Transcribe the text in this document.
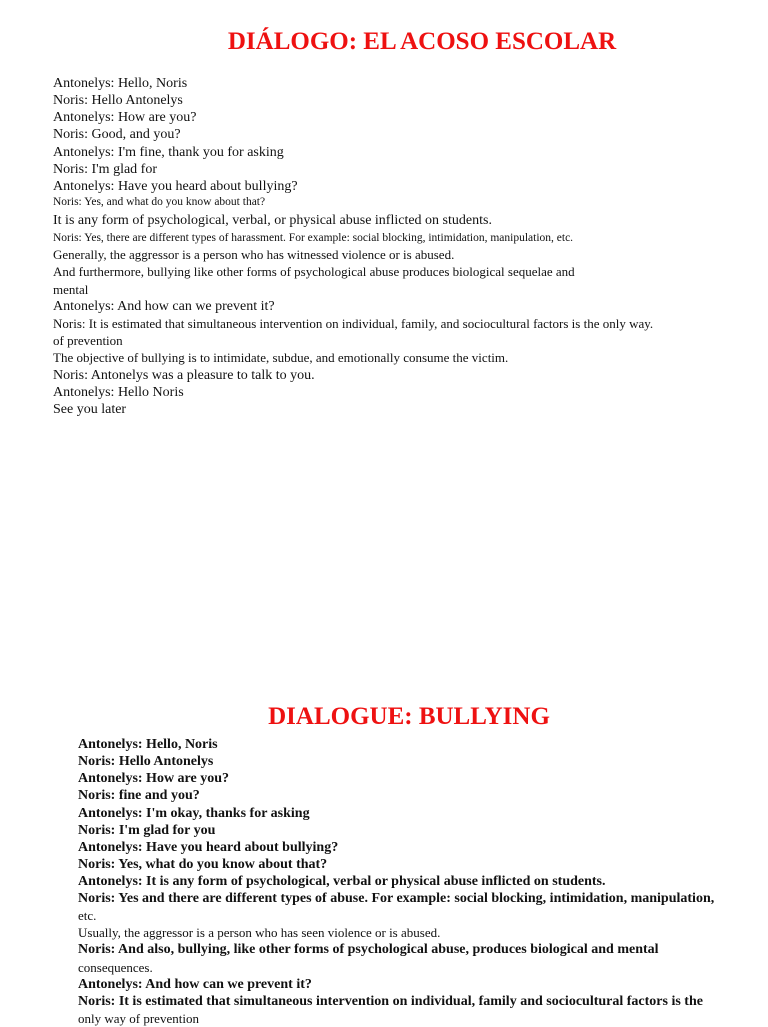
DIÁLOGO: EL ACOSO ESCOLAR

Antonelys: Hello, Noris

Noris: Hello Antonelys

Antonelys: How are you?

Noris: Good, and you?

Antonelys: I'm fine, thank you for asking

Noris: I'm glad for

Antonelys: Have you heard about bullying?

Noris: Yes, and what do you know about that?

It is any form of psychological, verbal, or physical abuse inflicted on students.

Noris: Yes, there are different types of harassment. For example: social blocking, intimidation, manipulation, etc.

Generally, the aggressor is a person who has witnessed violence or is abused.

And furthermore, bullying like other forms of psychological abuse produces biological sequelae and

mental

Antonelys: And how can we prevent it?

Noris: It is estimated that simultaneous intervention on individual, family, and sociocultural factors is the only way.

of prevention

The objective of bullying is to intimidate, subdue, and emotionally consume the victim.

Noris: Antonelys was a pleasure to talk to you.

Antonelys: Hello Noris

See you later

DIALOGUE: BULLYING

Antonelys: Hello, Noris

Noris: Hello Antonelys

Antonelys: How are you?

Noris: fine and you?

Antonelys: I'm okay, thanks for asking

Noris: I'm glad for you

Antonelys: Have you heard about bullying?

Noris: Yes, what do you know about that?

Antonelys: It is any form of psychological, verbal or physical abuse inflicted on students.

Noris: Yes and there are different types of abuse. For example: social blocking, intimidation, manipulation,

etc.

Usually, the aggressor is a person who has seen violence or is abused.

Noris: And also, bullying, like other forms of psychological abuse, produces biological and mental

consequences.

Antonelys: And how can we prevent it?

Noris: It is estimated that simultaneous intervention on individual, family and sociocultural factors is the

only way of prevention
